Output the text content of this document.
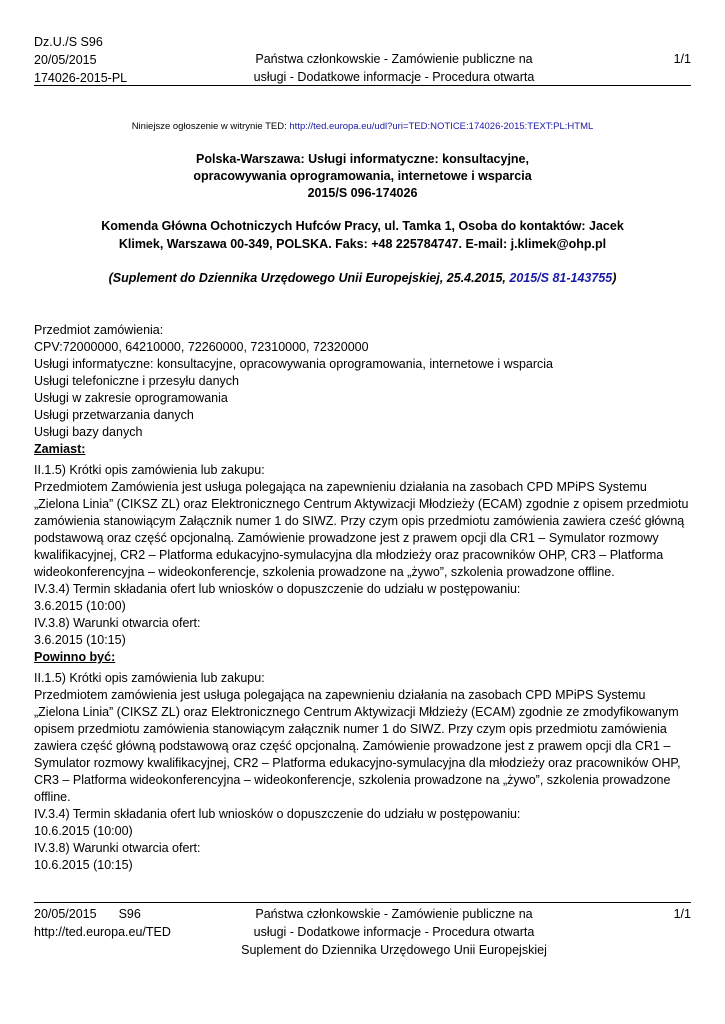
Dz.U./S S96
20/05/2015
174026-2015-PL
Państwa członkowskie - Zamówienie publiczne na
usługi - Dodatkowe informacje - Procedura otwarta
1/1
Niniejsze ogłoszenie w witrynie TED: http://ted.europa.eu/udl?uri=TED:NOTICE:174026-2015:TEXT:PL:HTML
Polska-Warszawa: Usługi informatyczne: konsultacyjne,
opracowywania oprogramowania, internetowe i wsparcia
2015/S 096-174026
Komenda Główna Ochotniczych Hufców Pracy, ul. Tamka 1, Osoba do kontaktów: Jacek
Klimek, Warszawa 00-349, POLSKA. Faks: +48 225784747. E-mail: j.klimek@ohp.pl
(Suplement do Dziennika Urzędowego Unii Europejskiej, 25.4.2015, 2015/S 81-143755)
Przedmiot zamówienia:
CPV:72000000, 64210000, 72260000, 72310000, 72320000
Usługi informatyczne: konsultacyjne, opracowywania oprogramowania, internetowe i wsparcia
Usługi telefoniczne i przesyłu danych
Usługi w zakresie oprogramowania
Usługi przetwarzania danych
Usługi bazy danych
Zamiast:
II.1.5) Krótki opis zamówienia lub zakupu:
Przedmiotem Zamówienia jest usługa polegająca na zapewnieniu działania na zasobach CPD MPiPS Systemu „Zielona Linia” (CIKSZ ZL) oraz Elektronicznego Centrum Aktywizacji Młodzieży (ECAM) zgodnie z opisem przedmiotu zamówienia stanowiącym Załącznik numer 1 do SIWZ. Przy czym opis przedmiotu zamówienia zawiera cześć główną podstawową oraz część opcjonalną. Zamówienie prowadzone jest z prawem opcji dla CR1 – Symulator rozmowy kwalifikacyjnej, CR2 – Platforma edukacyjno-symulacyjna dla młodzieży oraz pracowników OHP, CR3 – Platforma wideokonferencyjna – wideokonferencje, szkolenia prowadzone na „żywo”, szkolenia prowadzone offline.
IV.3.4) Termin składania ofert lub wniosków o dopuszczenie do udziału w postępowaniu:
3.6.2015 (10:00)
IV.3.8) Warunki otwarcia ofert:
3.6.2015 (10:15)
Powinno być:
II.1.5) Krótki opis zamówienia lub zakupu:
Przedmiotem zamówienia jest usługa polegająca na zapewnieniu działania na zasobach CPD MPiPS Systemu „Zielona Linia” (CIKSZ ZL) oraz Elektronicznego Centrum Aktywizacji Młdzieży (ECAM) zgodnie ze zmodyfikowanym opisem przedmiotu zamówienia stanowiącym załącznik numer 1 do SIWZ. Przy czym opis przedmiotu zamówienia zawiera część główną podstawową oraz część opcjonalną. Zamówienie prowadzone jest z prawem opcji dla CR1 – Symulator rozmowy kwalifikacyjnej, CR2 – Platforma edukacyjno-symulacyjna dla młodzieży oraz pracowników OHP, CR3 – Platforma wideokonferencyjna – wideokonferencje, szkolenia prowadzone na „żywo”, szkolenia prowadzone offline.
IV.3.4) Termin składania ofert lub wniosków o dopuszczenie do udziału w postępowaniu:
10.6.2015 (10:00)
IV.3.8) Warunki otwarcia ofert:
10.6.2015 (10:15)
20/05/2015 S96
http://ted.europa.eu/TED
Państwa członkowskie - Zamówienie publiczne na
usługi - Dodatkowe informacje - Procedura otwarta
Suplement do Dziennika Urzędowego Unii Europejskiej
1/1
